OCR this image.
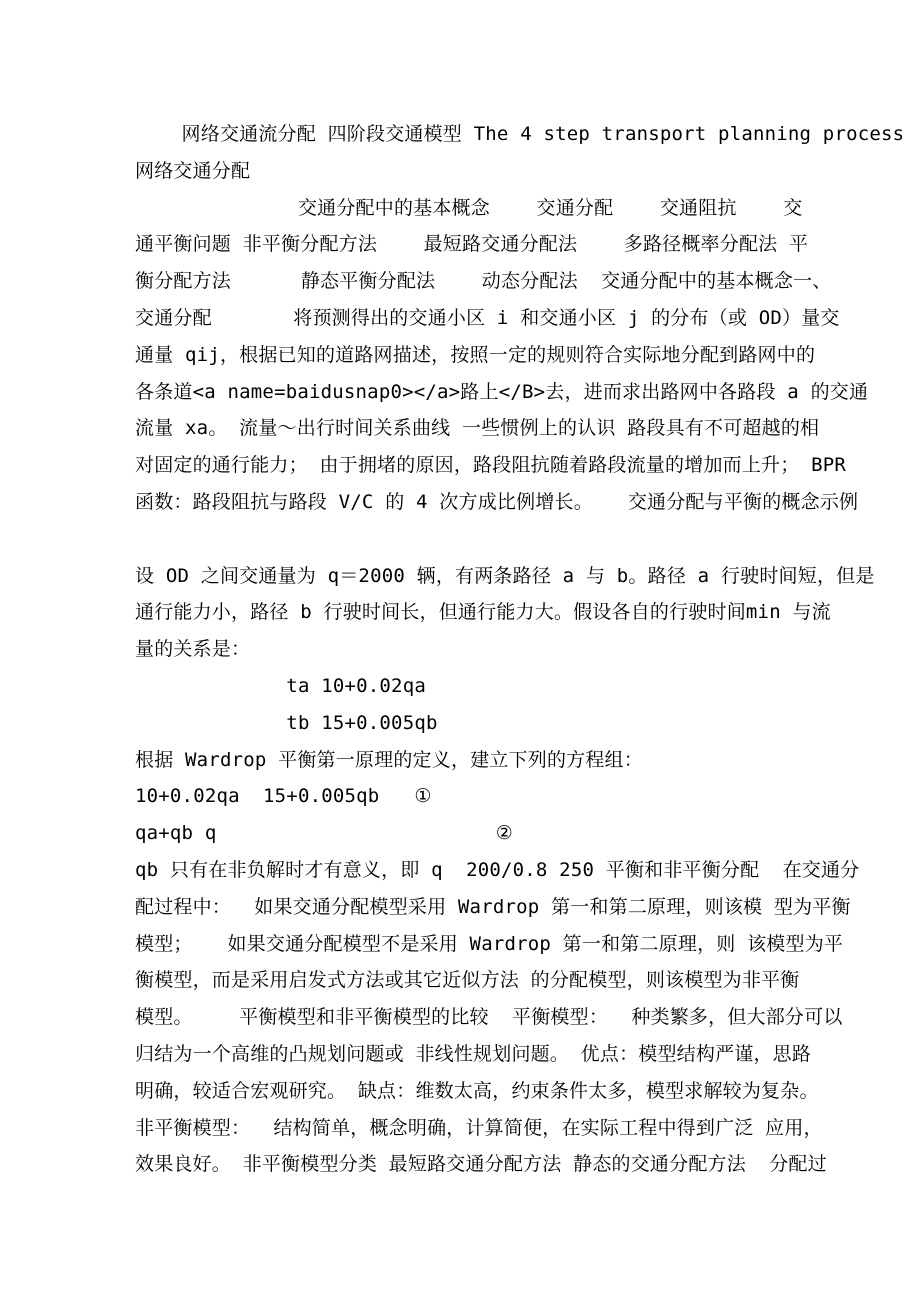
网络交通流分配 四阶段交通模型 The 4 step transport planning process
网络交通分配
交通分配中的基本概念    交通分配    交通阻抗    交
通平衡问题 非平衡分配方法    最短路交通分配法    多路径概率分配法 平
衡分配方法      静态平衡分配法    动态分配法  交通分配中的基本概念一、
交通分配       将预测得出的交通小区 i 和交通小区 j 的分布（或 OD）量交
通量 qij，根据已知的道路网描述，按照一定的规则符合实际地分配到路网中的
各条道<a name=baidusnap0></a>路上</B>去，进而求出路网中各路段 a 的交通
流量 xa。 流量～出行时间关系曲线 一些惯例上的认识 路段具有不可超越的相
对固定的通行能力； 由于拥堵的原因，路段阻抗随着路段流量的增加而上升； BPR
函数：路段阻抗与路段 V/C 的 4 次方成比例增长。   交通分配与平衡的概念示例

设 OD 之间交通量为 q＝2000 辆，有两条路径 a 与 b。路径 a 行驶时间短，但是
通行能力小，路径 b 行驶时间长，但通行能力大。假设各自的行驶时间min 与流
量的关系是：
ta 10+0.02qa
tb 15+0.005qb
根据 Wardrop 平衡第一原理的定义，建立下列的方程组：
10+0.02qa  15+0.005qb   ①
qa+qb q                        ②
qb 只有在非负解时才有意义，即 q  200/0.8 250 平衡和非平衡分配  在交通分
配过程中：  如果交通分配模型采用 Wardrop 第一和第二原理，则该模 型为平衡
模型；   如果交通分配模型不是采用 Wardrop 第一和第二原理，则 该模型为平
衡模型，而是采用启发式方法或其它近似方法 的分配模型，则该模型为非平衡
模型。    平衡模型和非平衡模型的比较  平衡模型：  种类繁多，但大部分可以
归结为一个高维的凸规划问题或 非线性规划问题。 优点：模型结构严谨，思路
明确，较适合宏观研究。 缺点：维数太高，约束条件太多，模型求解较为复杂。
非平衡模型：  结构简单，概念明确，计算简便，在实际工程中得到广泛 应用，
效果良好。 非平衡模型分类 最短路交通分配方法 静态的交通分配方法  分配过
